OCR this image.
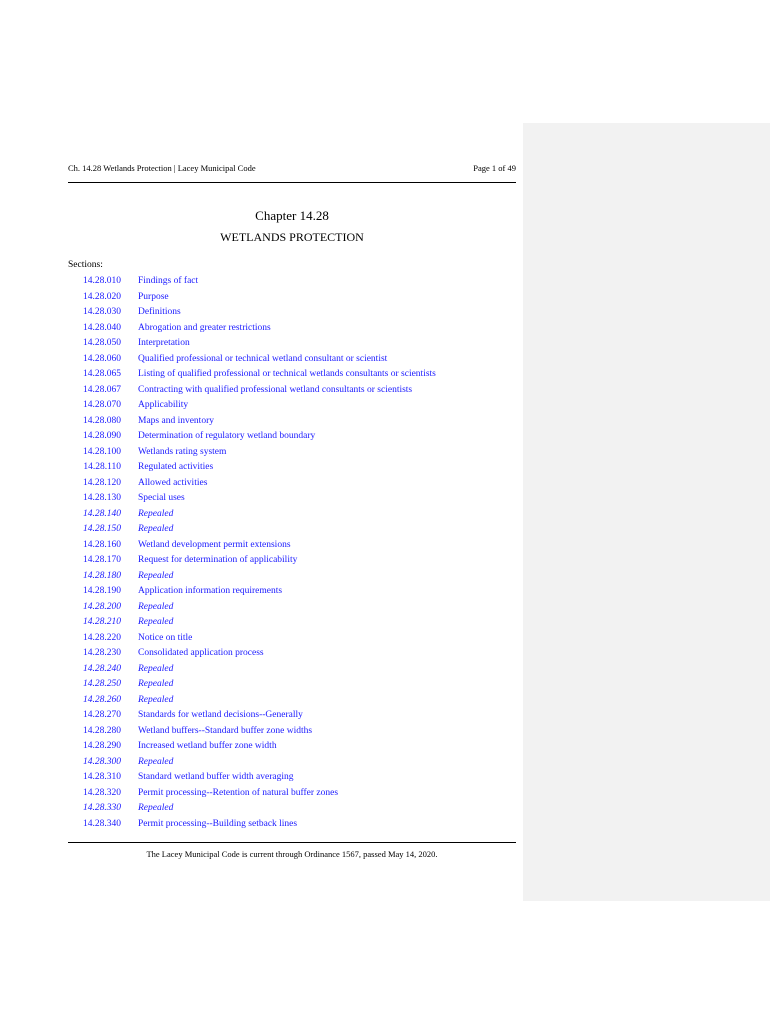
Ch. 14.28 Wetlands Protection | Lacey Municipal Code	Page 1 of 49
Chapter 14.28
WETLANDS PROTECTION
Sections:
14.28.010 Findings of fact
14.28.020 Purpose
14.28.030 Definitions
14.28.040 Abrogation and greater restrictions
14.28.050 Interpretation
14.28.060 Qualified professional or technical wetland consultant or scientist
14.28.065 Listing of qualified professional or technical wetlands consultants or scientists
14.28.067 Contracting with qualified professional wetland consultants or scientists
14.28.070 Applicability
14.28.080 Maps and inventory
14.28.090 Determination of regulatory wetland boundary
14.28.100 Wetlands rating system
14.28.110 Regulated activities
14.28.120 Allowed activities
14.28.130 Special uses
14.28.140 Repealed
14.28.150 Repealed
14.28.160 Wetland development permit extensions
14.28.170 Request for determination of applicability
14.28.180 Repealed
14.28.190 Application information requirements
14.28.200 Repealed
14.28.210 Repealed
14.28.220 Notice on title
14.28.230 Consolidated application process
14.28.240 Repealed
14.28.250 Repealed
14.28.260 Repealed
14.28.270 Standards for wetland decisions--Generally
14.28.280 Wetland buffers--Standard buffer zone widths
14.28.290 Increased wetland buffer zone width
14.28.300 Repealed
14.28.310 Standard wetland buffer width averaging
14.28.320 Permit processing--Retention of natural buffer zones
14.28.330 Repealed
14.28.340 Permit processing--Building setback lines
The Lacey Municipal Code is current through Ordinance 1567, passed May 14, 2020.
